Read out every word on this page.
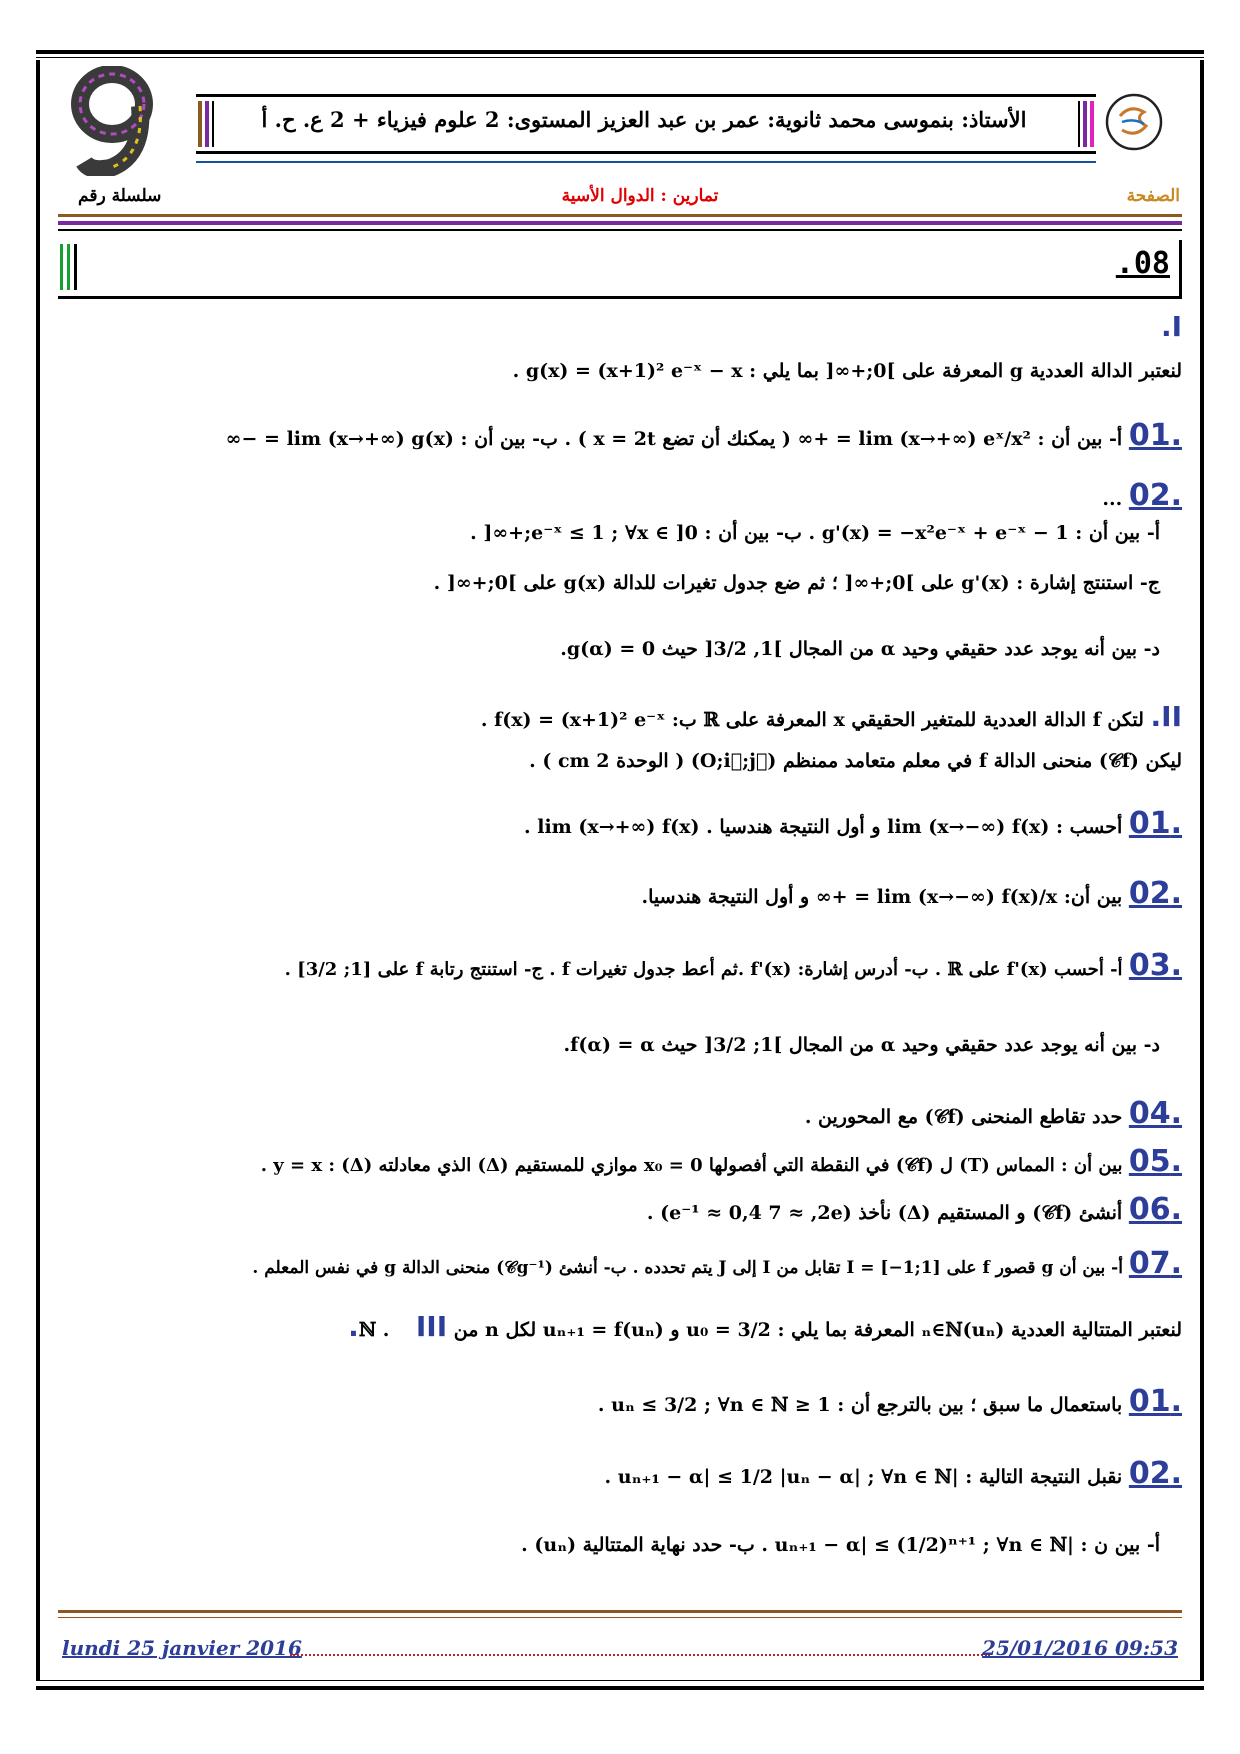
الأستاذ: بنموسى محمد ثانوية: عمر بن عبد العزيز المستوى: 2 علوم فيزياء + 2 ع. ح. أ
الصفحة
تمارين : الدوال الأسية
سلسلة رقم
.08
I.
لنعتبر الدالة العددية g المعرفة على ]0;+∞[ بما يلي : g(x) = (x+1)² e⁻ˣ − x .
.01 أ- بين أن : lim (x→+∞) eˣ/x² = +∞ ( يمكنك أن تضع x = 2t ) . ب- بين أن : lim (x→+∞) g(x) = −∞
.02 ...
أ- بين أن : g'(x) = −x²e⁻ˣ + e⁻ˣ − 1 . ب- بين أن : e⁻ˣ ≤ 1 ; ∀x ∈ ]0;+∞[ .
ج- استنتج إشارة : g'(x) على ]0;+∞[ ؛ ثم ضع جدول تغيرات للدالة g(x) على ]0;+∞[ .
د- بين أنه يوجد عدد حقيقي وحيد α من المجال ]1, 3/2[ حيث g(α) = 0.
II. لتكن f الدالة العددية للمتغير الحقيقي x المعرفة على ℝ ب: f(x) = (x+1)² e⁻ˣ .
ليكن (𝒞f) منحنى الدالة f في معلم متعامد ممنظم (O;i⃗;j⃗) ( الوحدة 2 cm ) .
.01 أحسب : lim (x→−∞) f(x) و أول النتيجة هندسيا . lim (x→+∞) f(x) .
.02 بين أن: lim (x→−∞) f(x)/x = +∞ و أول النتيجة هندسيا.
.03 أ- أحسب f'(x) على ℝ . ب- أدرس إشارة: f'(x) .ثم أعط جدول تغيرات f . ج- استنتج رتابة f على [1; 3/2] .
د- بين أنه يوجد عدد حقيقي وحيد α من المجال ]1; 3/2[ حيث f(α) = α.
.04 حدد تقاطع المنحنى (𝒞f) مع المحورين .
.05 بين أن : المماس (T) ل (𝒞f) في النقطة التي أفصولها x₀ = 0 موازي للمستقيم (Δ) الذي معادلته y = x : (Δ) .
.06 أنشئ (𝒞f) و المستقيم (Δ) نأخذ (e⁻¹ ≈ 0,4 7 ≈ ,2e) .
.07 أ- بين أن g قصور f على I = [−1;1] تقابل من I إلى J يتم تحدده . ب- أنشئ (𝒞g⁻¹) منحنى الدالة g في نفس المعلم .
لنعتبر المتتالية العددية (uₙ)ₙ∈ℕ المعرفة بما يلي : u₀ = 3/2 و uₙ₊₁ = f(uₙ) لكل n من ℕ .    III.
.01 باستعمال ما سبق ؛ بين بالترجع أن : 1 ≤ uₙ ≤ 3/2 ; ∀n ∈ ℕ .
.02 نقبل النتيجة التالية : |uₙ₊₁ − α| ≤ 1/2 |uₙ − α| ; ∀n ∈ ℕ .
أ- بين ن : |uₙ₊₁ − α| ≤ (1/2)ⁿ⁺¹ ; ∀n ∈ ℕ . ب- حدد نهاية المتتالية (uₙ) .
lundi 25 janvier 2016	25/01/2016 09:53
